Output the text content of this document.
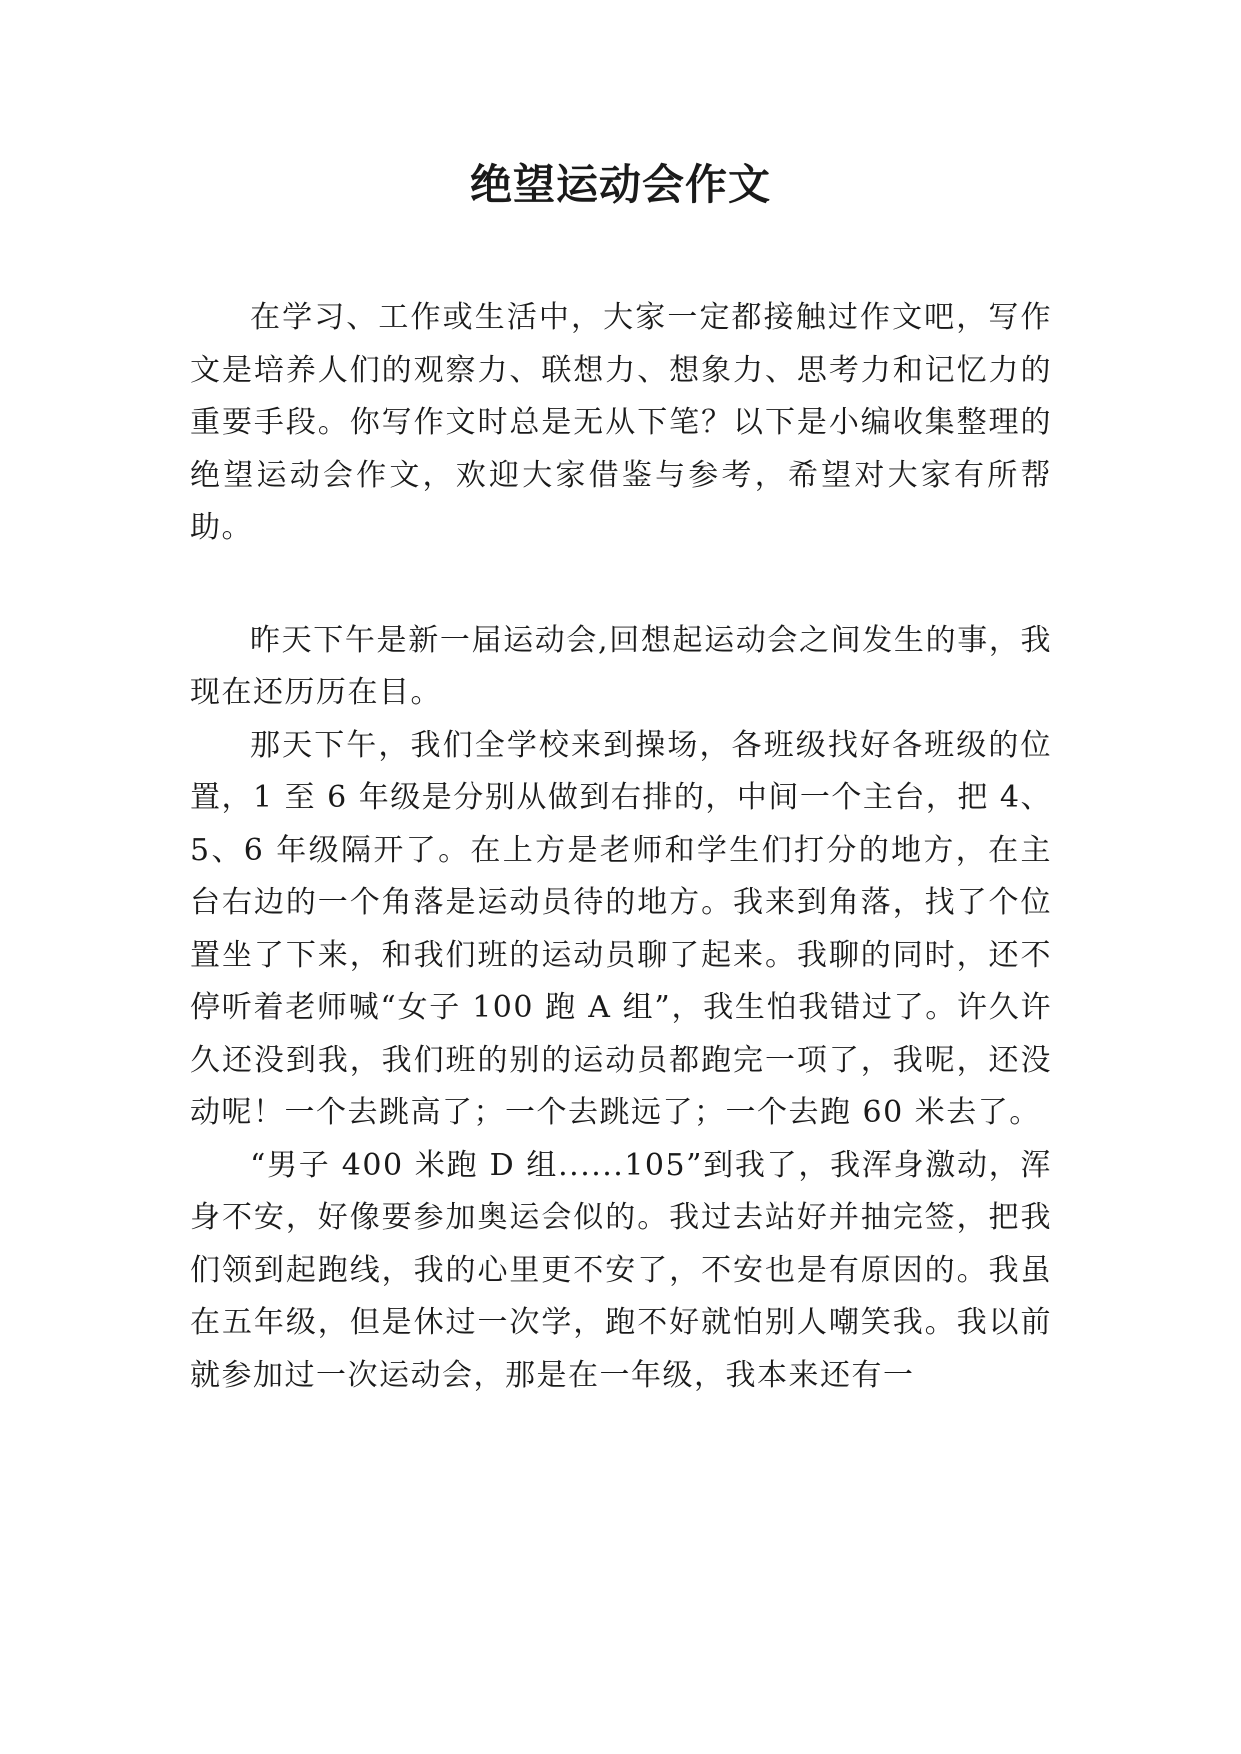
绝望运动会作文

在学习、工作或生活中，大家一定都接触过作文吧，写作文是培养人们的观察力、联想力、想象力、思考力和记忆力的重要手段。你写作文时总是无从下笔？以下是小编收集整理的绝望运动会作文，欢迎大家借鉴与参考，希望对大家有所帮助。

昨天下午是新一届运动会,回想起运动会之间发生的事，我现在还历历在目。

那天下午，我们全学校来到操场，各班级找好各班级的位置，1 至 6 年级是分别从做到右排的，中间一个主台，把 4、5、6 年级隔开了。在上方是老师和学生们打分的地方，在主台右边的一个角落是运动员待的地方。我来到角落，找了个位置坐了下来，和我们班的运动员聊了起来。我聊的同时，还不停听着老师喊“女子 100 跑 A 组”，我生怕我错过了。许久许久还没到我，我们班的别的运动员都跑完一项了，我呢，还没动呢！一个去跳高了；一个去跳远了；一个去跑 60 米去了。

“男子 400 米跑 D 组......105”到我了，我浑身激动，浑身不安，好像要参加奥运会似的。我过去站好并抽完签，把我们领到起跑线，我的心里更不安了，不安也是有原因的。我虽在五年级，但是休过一次学，跑不好就怕别人嘲笑我。我以前就参加过一次运动会，那是在一年级，我本来还有一
